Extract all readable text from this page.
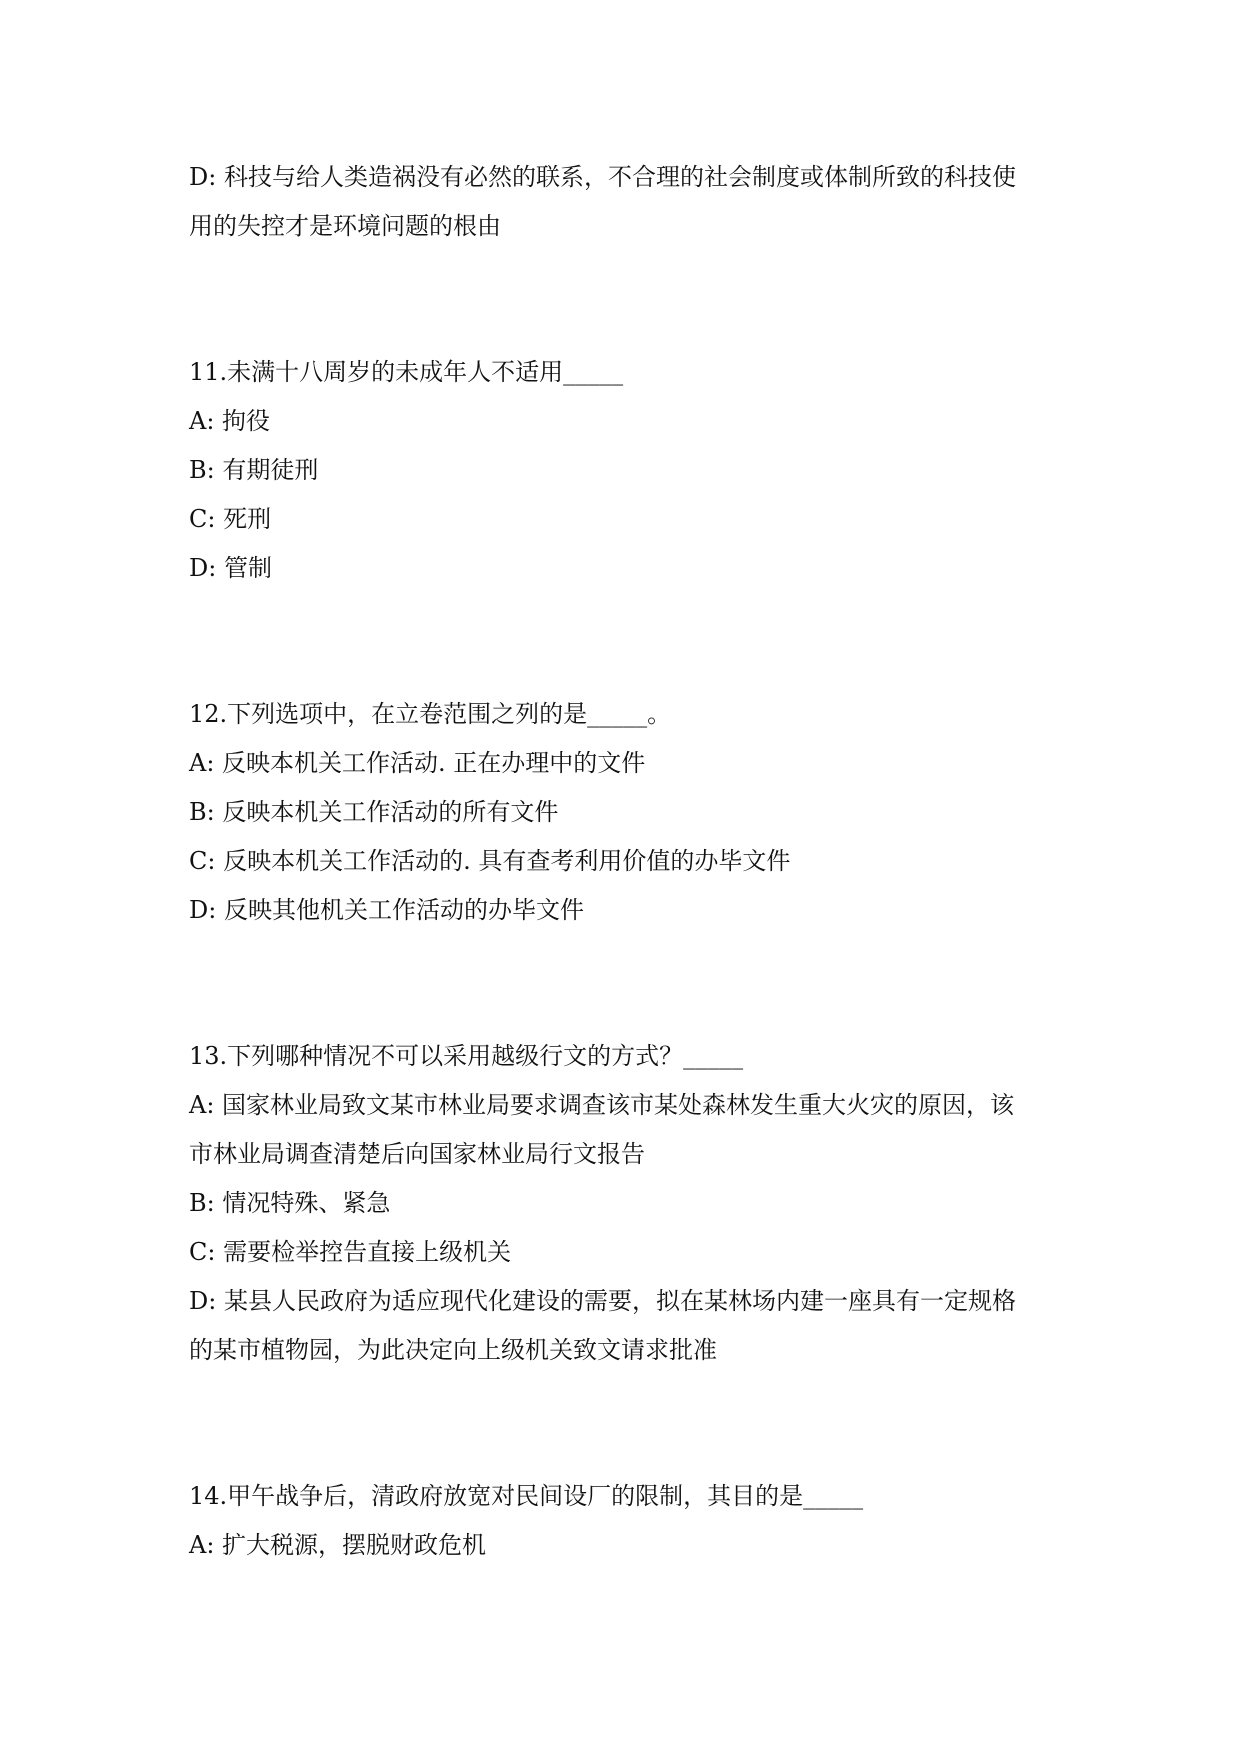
D: 科技与给人类造祸没有必然的联系，不合理的社会制度或体制所致的科技使
用的失控才是环境问题的根由
11.未满十八周岁的未成年人不适用_____
A: 拘役
B: 有期徒刑
C: 死刑
D: 管制
12.下列选项中，在立卷范围之列的是_____。
A: 反映本机关工作活动. 正在办理中的文件
B: 反映本机关工作活动的所有文件
C: 反映本机关工作活动的. 具有查考利用价值的办毕文件
D: 反映其他机关工作活动的办毕文件
13.下列哪种情况不可以采用越级行文的方式？_____
A: 国家林业局致文某市林业局要求调查该市某处森林发生重大火灾的原因，该
市林业局调查清楚后向国家林业局行文报告
B: 情况特殊、紧急
C: 需要检举控告直接上级机关
D: 某县人民政府为适应现代化建设的需要，拟在某林场内建一座具有一定规格
的某市植物园，为此决定向上级机关致文请求批准
14.甲午战争后，清政府放宽对民间设厂的限制，其目的是_____
A: 扩大税源，摆脱财政危机
